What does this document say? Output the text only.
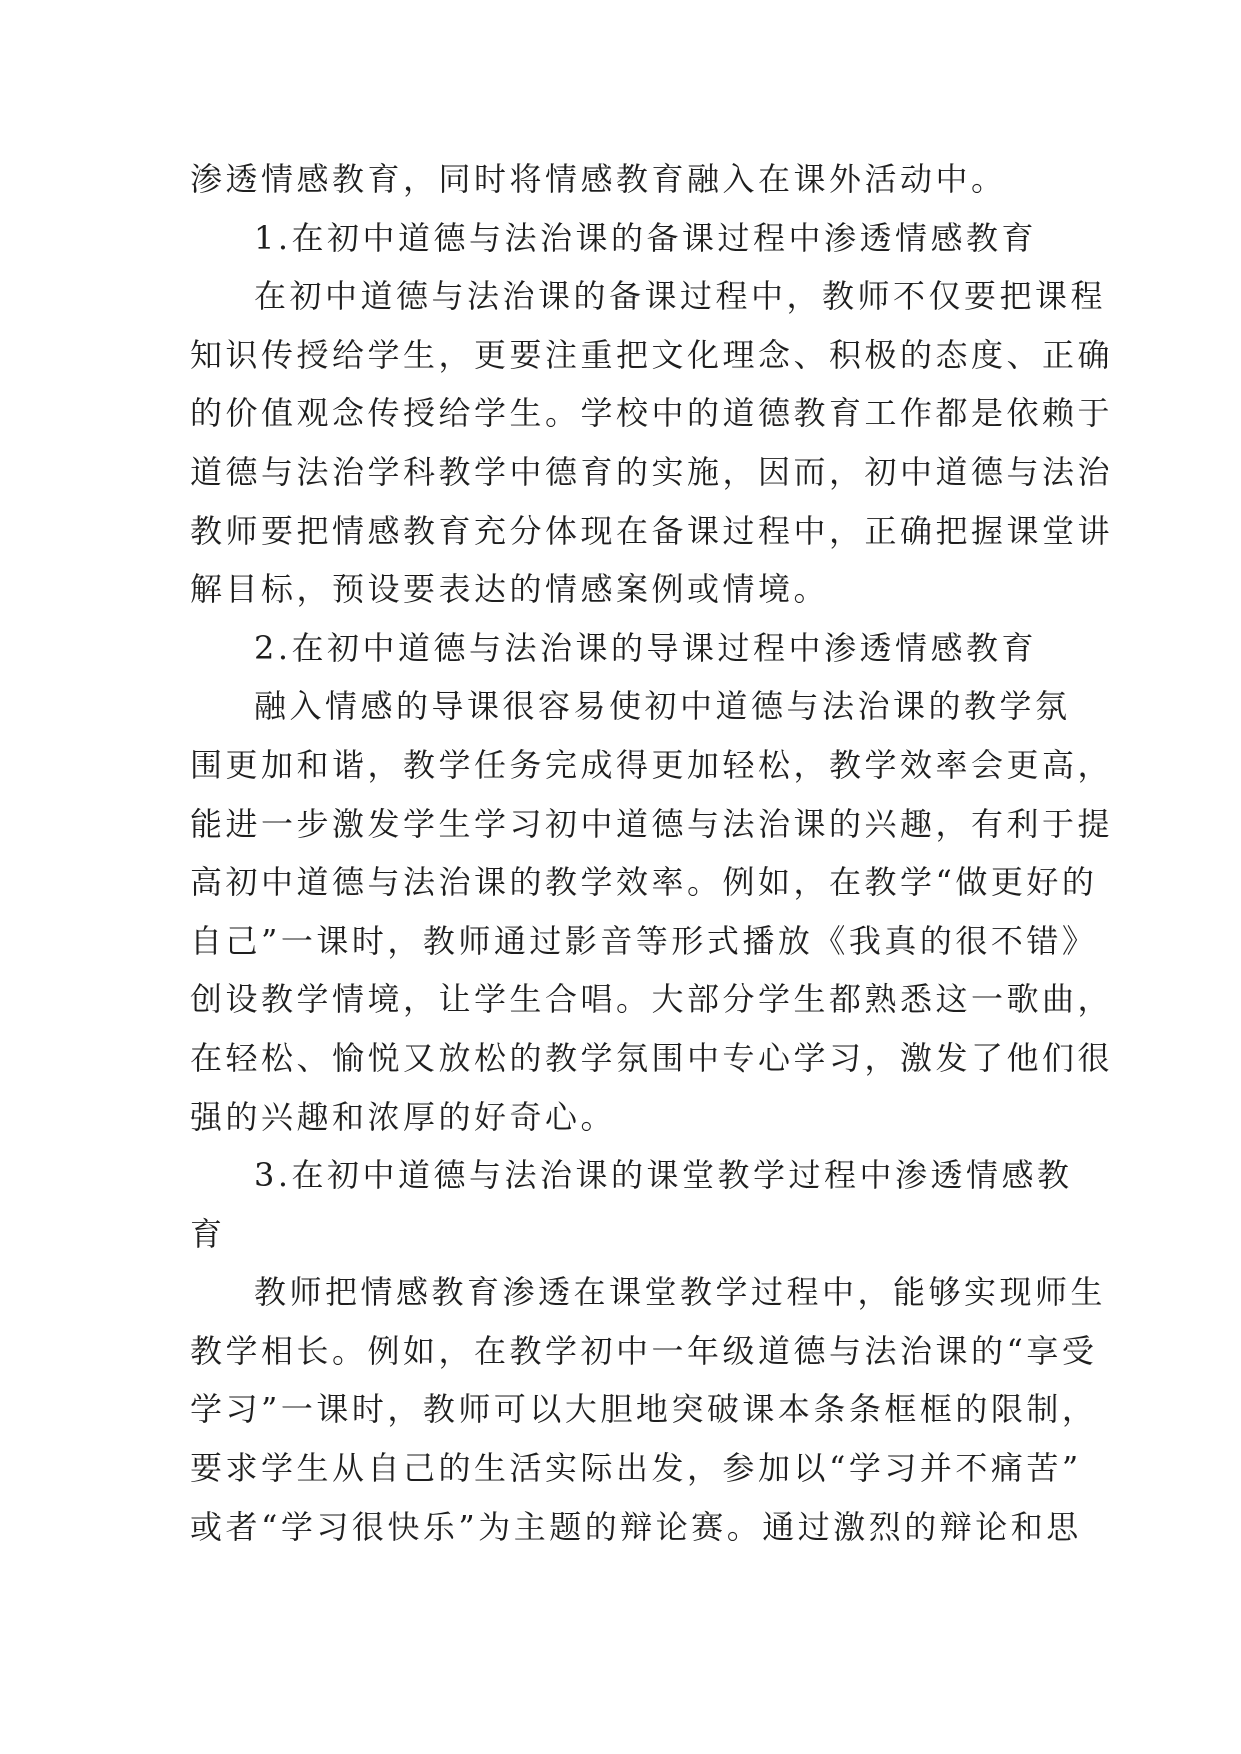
渗透情感教育，同时将情感教育融入在课外活动中。
1.在初中道德与法治课的备课过程中渗透情感教育
在初中道德与法治课的备课过程中，教师不仅要把课程
知识传授给学生，更要注重把文化理念、积极的态度、正确
的价值观念传授给学生。学校中的道德教育工作都是依赖于
道德与法治学科教学中德育的实施，因而，初中道德与法治
教师要把情感教育充分体现在备课过程中，正确把握课堂讲
解目标，预设要表达的情感案例或情境。
2.在初中道德与法治课的导课过程中渗透情感教育
融入情感的导课很容易使初中道德与法治课的教学氛
围更加和谐，教学任务完成得更加轻松，教学效率会更高，
能进一步激发学生学习初中道德与法治课的兴趣，有利于提
高初中道德与法治课的教学效率。例如，在教学“做更好的
自己”一课时，教师通过影音等形式播放《我真的很不错》
创设教学情境，让学生合唱。大部分学生都熟悉这一歌曲，
在轻松、愉悦又放松的教学氛围中专心学习，激发了他们很
强的兴趣和浓厚的好奇心。
3.在初中道德与法治课的课堂教学过程中渗透情感教
育
教师把情感教育渗透在课堂教学过程中，能够实现师生
教学相长。例如，在教学初中一年级道德与法治课的“享受
学习”一课时，教师可以大胆地突破课本条条框框的限制，
要求学生从自己的生活实际出发，参加以“学习并不痛苦”
或者“学习很快乐”为主题的辩论赛。通过激烈的辩论和思
